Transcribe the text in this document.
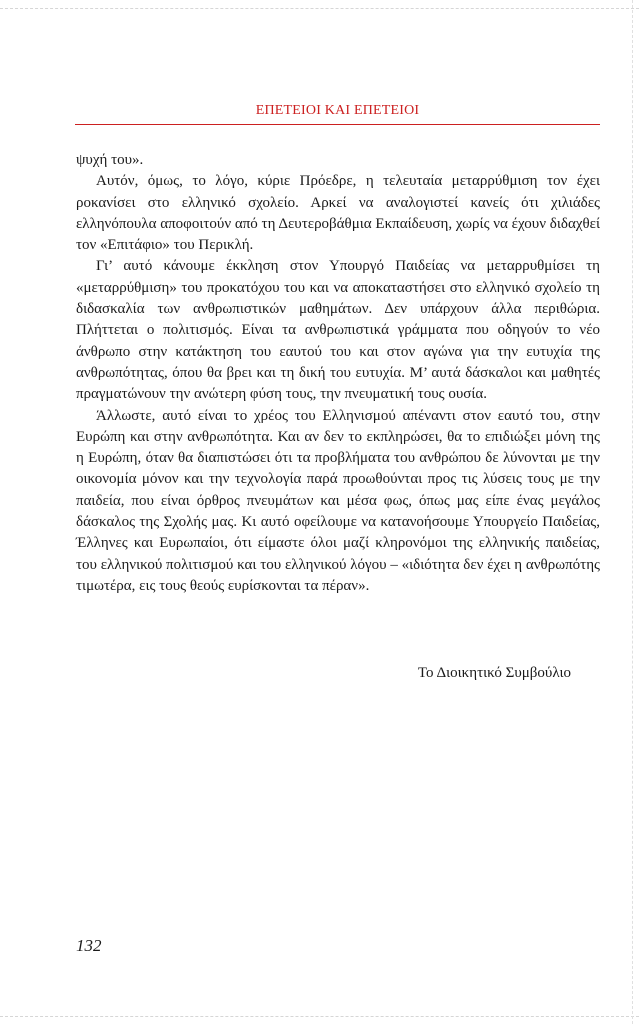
ΕΠΕΤΕΙΟΙ ΚΑΙ ΕΠΕΤΕΙΟΙ

ψυχή του».

Αυτόν, όμως, το λόγο, κύριε Πρόεδρε, η τελευταία μεταρρύθμιση τον έχει ροκανίσει στο ελληνικό σχολείο. Αρκεί να αναλογιστεί κανείς ότι χιλιάδες ελληνόπουλα αποφοιτούν από τη Δευτεροβάθμια Εκπαίδευση, χωρίς να έχουν διδαχθεί τον «Επιτάφιο» του Περικλή.

Γι’ αυτό κάνουμε έκκληση στον Υπουργό Παιδείας να μεταρρυθμίσει τη «μεταρρύθμιση» του προκατόχου του και να αποκαταστήσει στο ελληνικό σχολείο τη διδασκαλία των ανθρωπιστικών μαθημάτων. Δεν υπάρχουν άλλα περιθώρια. Πλήττεται ο πολιτισμός. Είναι τα ανθρωπιστικά γράμματα που οδηγούν το νέο άνθρωπο στην κατάκτηση του εαυτού του και στον αγώνα για την ευτυχία της ανθρωπότητας, όπου θα βρει και τη δική του ευτυχία. Μ’ αυτά δάσκαλοι και μαθητές πραγματώνουν την ανώτερη φύση τους, την πνευματική τους ουσία.

Άλλωστε, αυτό είναι το χρέος του Ελληνισμού απέναντι στον εαυτό του, στην Ευρώπη και στην ανθρωπότητα. Και αν δεν το εκπληρώσει, θα το επιδιώξει μόνη της η Ευρώπη, όταν θα διαπιστώσει ότι τα προβλήματα του ανθρώπου δε λύνονται με την οικονομία μόνον και την τεχνολογία παρά προωθούνται προς τις λύσεις τους με την παιδεία, που είναι όρθρος πνευμάτων και μέσα φως, όπως μας είπε ένας μεγάλος δάσκαλος της Σχολής μας. Κι αυτό οφείλουμε να κατανοήσουμε Υπουργείο Παιδείας, Έλληνες και Ευρωπαίοι, ότι είμαστε όλοι μαζί κληρονόμοι της ελληνικής παιδείας, του ελληνικού πολιτισμού και του ελληνικού λόγου – «ιδιότητα δεν έχει η ανθρωπότης τιμωτέρα, εις τους θεούς ευρίσκονται τα πέραν».

Το Διοικητικό Συμβούλιο
132
